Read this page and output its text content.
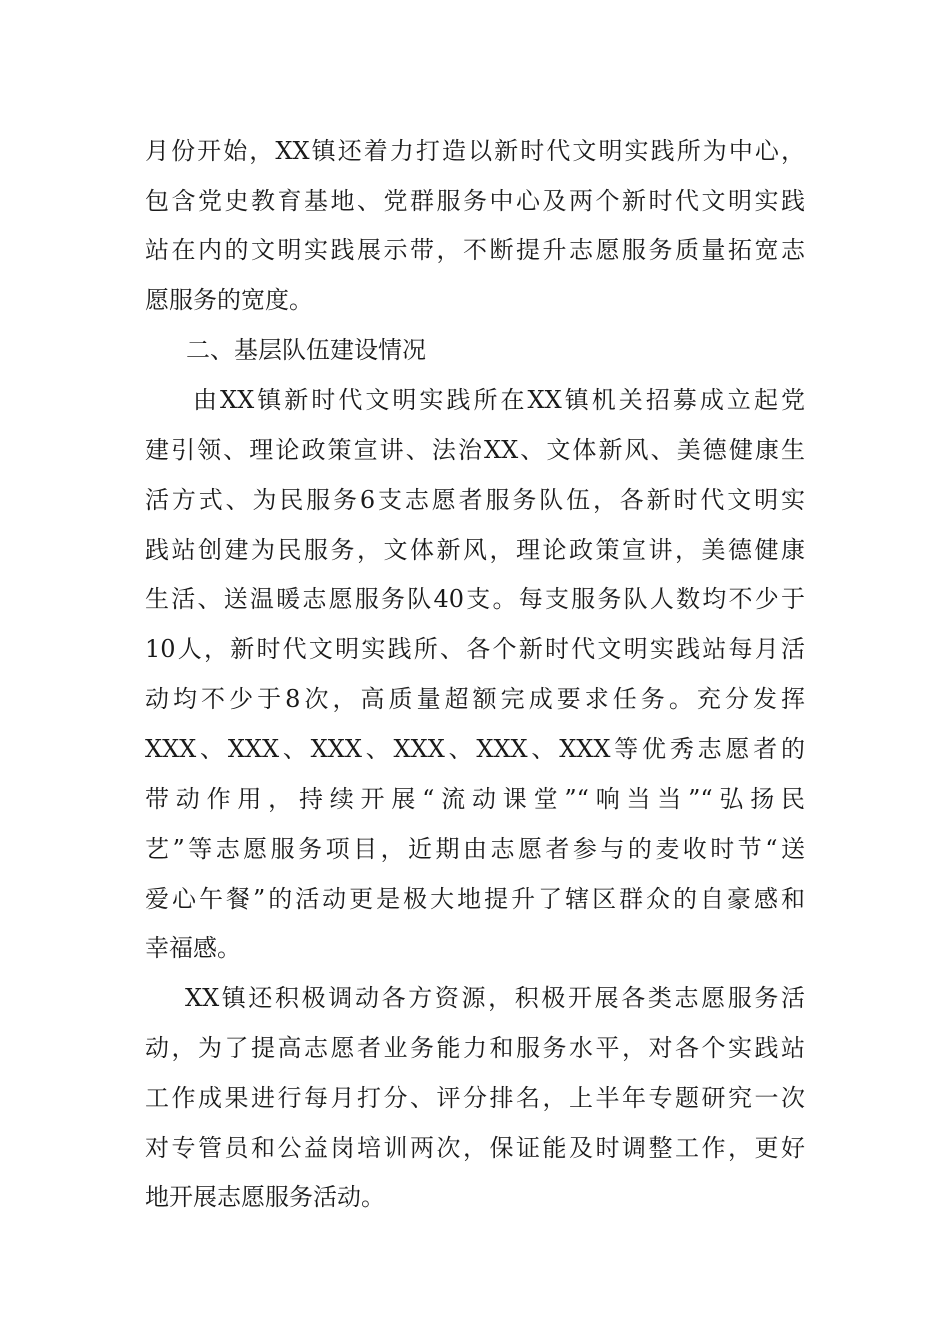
月份开始，XX镇还着力打造以新时代文明实践所为中心，
包含党史教育基地、党群服务中心及两个新时代文明实践
站在内的文明实践展示带，不断提升志愿服务质量拓宽志
愿服务的宽度。
二、基层队伍建设情况
由XX镇新时代文明实践所在XX镇机关招募成立起党
建引领、理论政策宣讲、法治XX、文体新风、美德健康生
活方式、为民服务6支志愿者服务队伍，各新时代文明实
践站创建为民服务，文体新风，理论政策宣讲，美德健康
生活、送温暖志愿服务队40支。每支服务队人数均不少于
10人，新时代文明实践所、各个新时代文明实践站每月活
动均不少于8次，高质量超额完成要求任务。充分发挥
XXX、XXX、XXX、XXX、XXX、XXX等优秀志愿者的
带动作用，持续开展“流动课堂”“响当当”“弘扬民
艺”等志愿服务项目，近期由志愿者参与的麦收时节“送
爱心午餐”的活动更是极大地提升了辖区群众的自豪感和
幸福感。
XX镇还积极调动各方资源，积极开展各类志愿服务活
动，为了提高志愿者业务能力和服务水平，对各个实践站
工作成果进行每月打分、评分排名，上半年专题研究一次
对专管员和公益岗培训两次，保证能及时调整工作，更好
地开展志愿服务活动。
